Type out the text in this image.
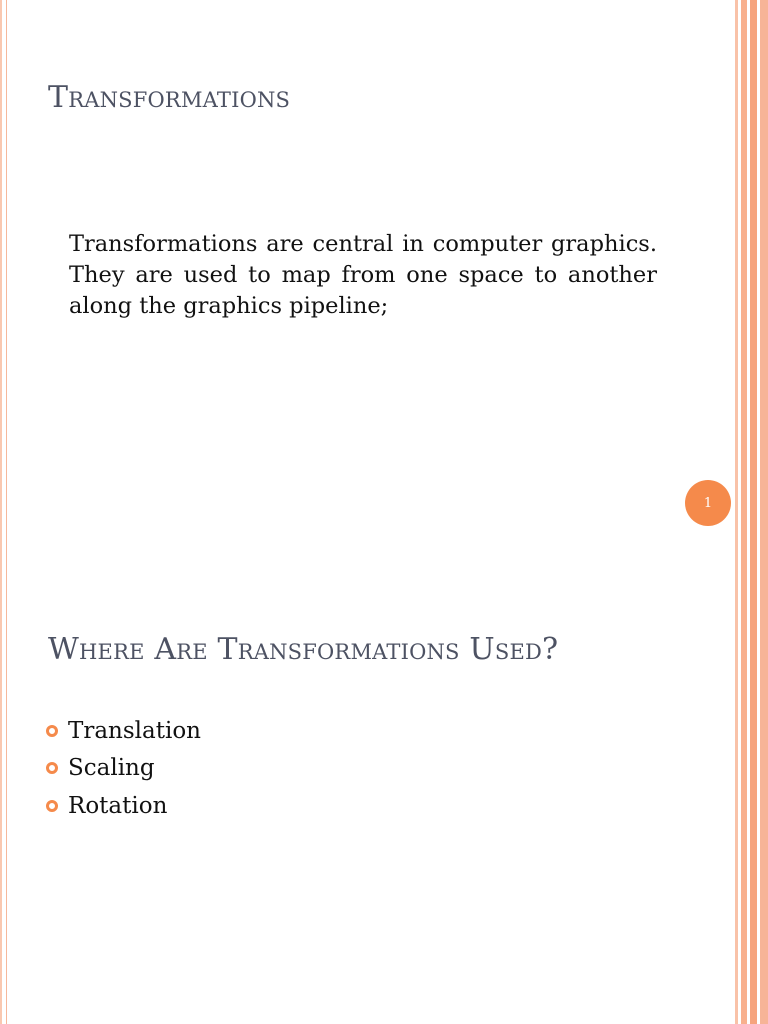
Transformations

Transformations are central in computer graphics. They are used to map from one space to another along the graphics pipeline;

1
Where Are Transformations Used?
Translation
Scaling
Rotation
